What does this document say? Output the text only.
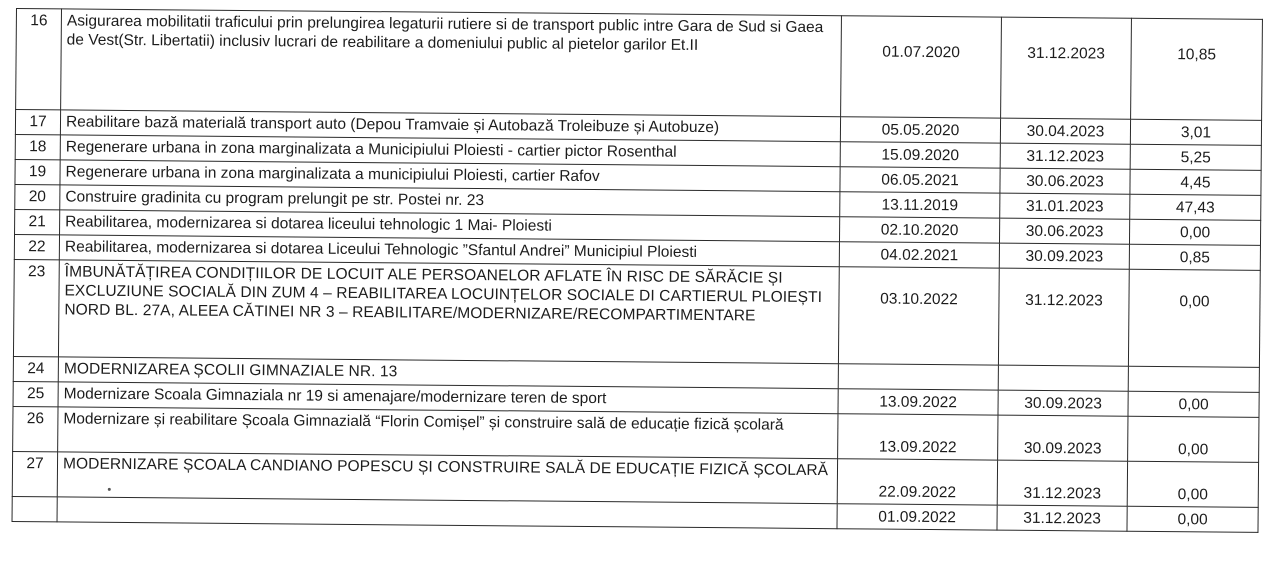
16	Asigurarea mobilitatii traficului prin prelungirea legaturii rutiere si de transport public intre Gara de Sud si Gaea de Vest(Str. Libertatii) inclusiv lucrari de reabilitare a domeniului public al pietelor garilor Et.II	01.07.2020	31.12.2023	10,85
17	Reabilitare bază materială transport auto (Depou Tramvaie și Autobază Troleibuze și Autobuze)	05.05.2020	30.04.2023	3,01
18	Regenerare urbana in zona marginalizata a Municipiului Ploiesti - cartier pictor Rosenthal	15.09.2020	31.12.2023	5,25
19	Regenerare urbana in zona marginalizata a municipiului Ploiesti, cartier Rafov	06.05.2021	30.06.2023	4,45
20	Construire gradinita cu program prelungit pe str. Postei nr. 23	13.11.2019	31.01.2023	47,43
21	Reabilitarea, modernizarea si dotarea liceului tehnologic 1 Mai- Ploiesti	02.10.2020	30.06.2023	0,00
22	Reabilitarea, modernizarea si dotarea Liceului Tehnologic ”Sfantul Andrei” Municipiul Ploiesti	04.02.2021	30.09.2023	0,85
23	ÎMBUNĂTĂȚIREA CONDIȚIILOR DE LOCUIT ALE PERSOANELOR AFLATE ÎN RISC DE SĂRĂCIE ȘI EXCLUZIUNE SOCIALĂ DIN ZUM 4 – REABILITAREA LOCUINȚELOR SOCIALE DI CARTIERUL PLOIEȘTI NORD BL. 27A, ALEEA CĂTINEI NR 3 – REABILITARE/MODERNIZARE/RECOMPARTIMENTARE	03.10.2022	31.12.2023	0,00
24	MODERNIZAREA ȘCOLII GIMNAZIALE NR. 13			
25	Modernizare Scoala Gimnaziala nr 19 si amenajare/modernizare teren de sport	13.09.2022	30.09.2023	0,00
26	Modernizare și reabilitare Școala Gimnazială “Florin Comișel” și construire sală de educație fizică școlară	13.09.2022	30.09.2023	0,00
27	MODERNIZARE ȘCOALA CANDIANO POPESCU ȘI CONSTRUIRE SALĂ DE EDUCAȚIE FIZICĂ ȘCOLARĂ	22.09.2022	31.12.2023	0,00
		01.09.2022	31.12.2023	0,00
